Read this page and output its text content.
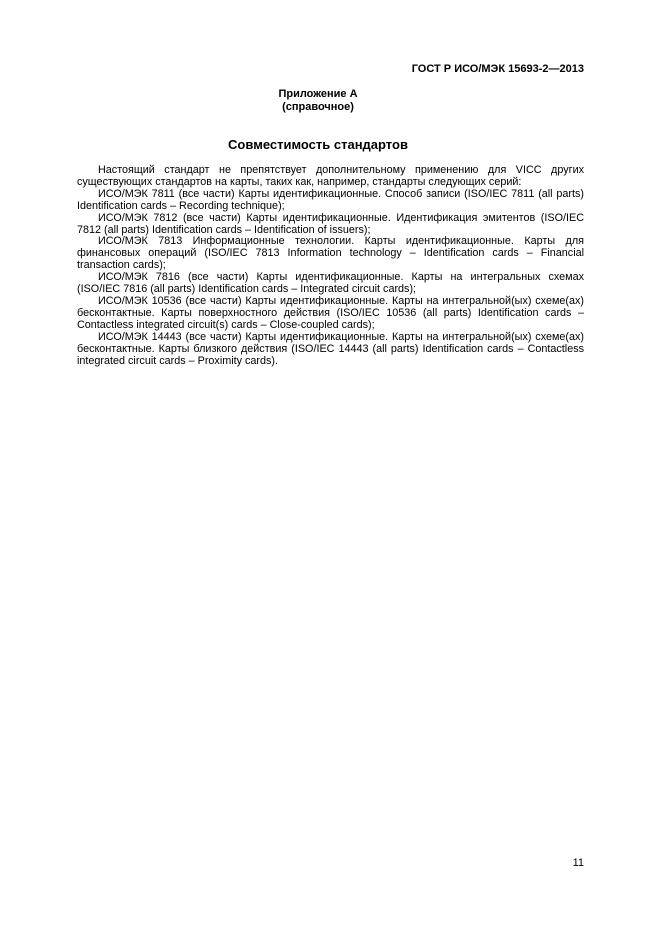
ГОСТ Р ИСО/МЭК 15693-2—2013
Приложение А
(справочное)
Совместимость стандартов

Настоящий стандарт не препятствует дополнительному применению для VICC других существующих стандартов на карты, таких как, например, стандарты следующих серий:

ИСО/МЭК 7811 (все части) Карты идентификационные. Способ записи (ISO/IEC 7811 (all parts) Identification cards – Recording technique);

ИСО/МЭК 7812 (все части) Карты идентификационные. Идентификация эмитентов (ISO/IEC 7812 (all parts) Identification cards – Identification of issuers);

ИСО/МЭК 7813 Информационные технологии. Карты идентификационные. Карты для финансовых операций (ISO/IEC 7813 Information technology – Identification cards – Financial transaction cards);

ИСО/МЭК 7816 (все части) Карты идентификационные. Карты на интегральных схемах (ISO/IEC 7816 (all parts) Identification cards – Integrated circuit cards);

ИСО/МЭК 10536 (все части) Карты идентификационные. Карты на интегральной(ых) схеме(ах) бесконтактные. Карты поверхностного действия (ISO/IEC 10536 (all parts) Identification cards – Contactless integrated circuit(s) cards – Close-coupled cards);

ИСО/МЭК 14443 (все части) Карты идентификационные. Карты на интегральной(ых) схеме(ах) бесконтактные. Карты близкого действия (ISO/IEC 14443 (all parts) Identification cards – Contactless integrated circuit cards – Proximity cards).

11
